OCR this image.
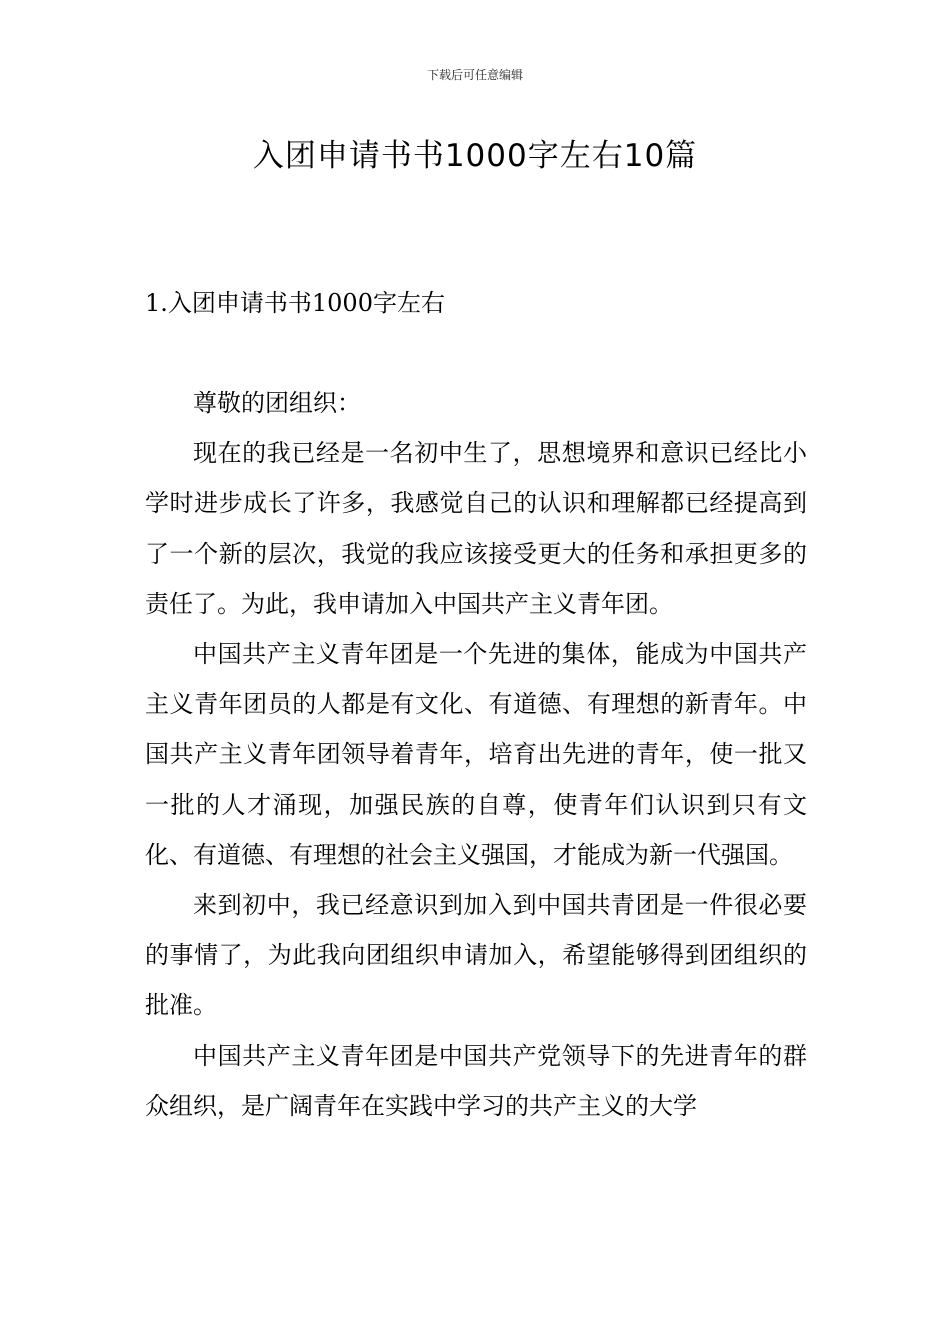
下载后可任意编辑
入团申请书书1000字左右10篇
1.入团申请书书1000字左右

尊敬的团组织：

现在的我已经是一名初中生了，思想境界和意识已经比小学时进步成长了许多，我感觉自己的认识和理解都已经提高到了一个新的层次，我觉的我应该接受更大的任务和承担更多的责任了。为此，我申请加入中国共产主义青年团。

中国共产主义青年团是一个先进的集体，能成为中国共产主义青年团员的人都是有文化、有道德、有理想的新青年。中国共产主义青年团领导着青年，培育出先进的青年，使一批又一批的人才涌现，加强民族的自尊，使青年们认识到只有文化、有道德、有理想的社会主义强国，才能成为新一代强国。

来到初中，我已经意识到加入到中国共青团是一件很必要的事情了，为此我向团组织申请加入，希望能够得到团组织的批准。

中国共产主义青年团是中国共产党领导下的先进青年的群众组织，是广阔青年在实践中学习的共产主义的大学
